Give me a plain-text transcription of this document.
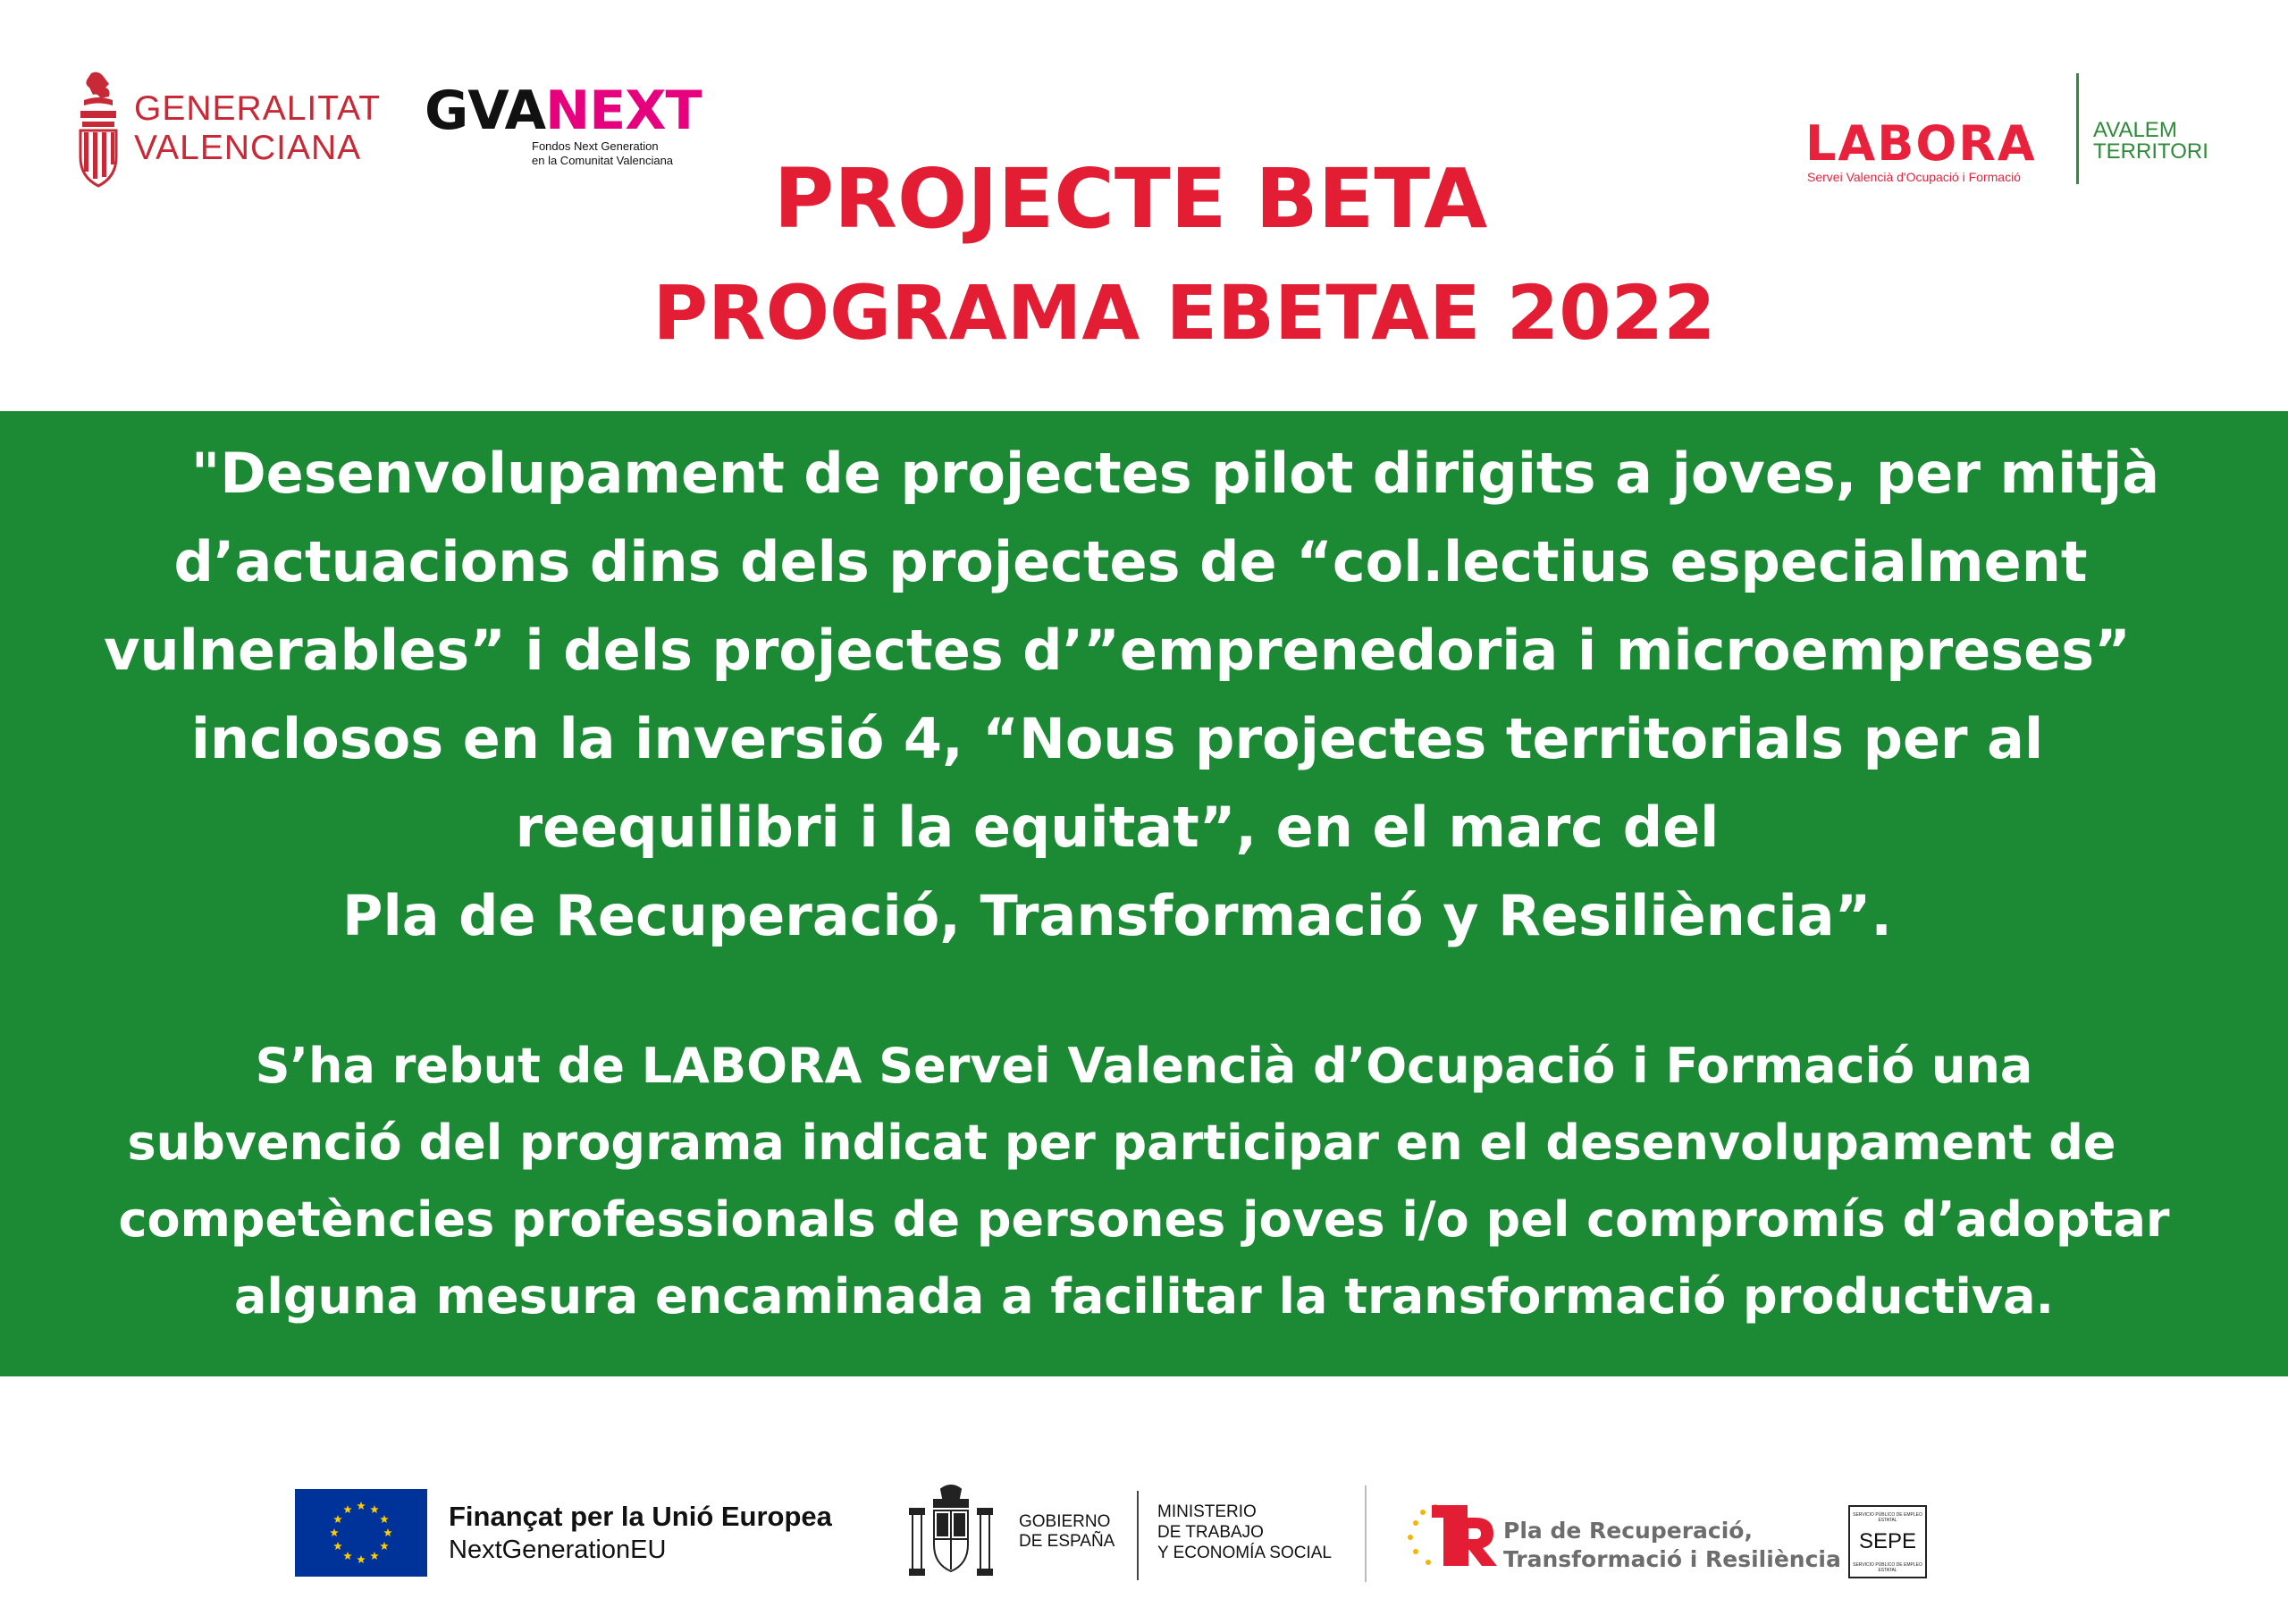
GENERALITAT
VALENCIANA
GVANEXT
Fondos Next Generation
en la Comunitat Valenciana	LABORA
Servei Valencià d'Ocupació i Formació
AVALEM
TERRITORI
PROJECTE BETA
PROGRAMA EBETAE 2022

"Desenvolupament de projectes pilot dirigits a joves, per mitjà
d’actuacions dins dels projectes de “col.lectius especialment
vulnerables” i dels projectes d’”emprenedoria i microempreses”
inclosos en la inversió 4, “Nous projectes territorials per al
reequilibri i la equitat”, en el marc del
Pla de Recuperació, Transformació y Resiliència”.

S’ha rebut de LABORA Servei Valencià d’Ocupació i Formació una
subvenció del programa indicat per participar en el desenvolupament de
competències professionals de persones joves i/o pel compromís d’adoptar
alguna mesura encaminada a facilitar la transformació productiva.

Finançat per la Unió Europea
NextGenerationEU
GOBIERNO
DE ESPAÑA
MINISTERIO
DE TRABAJO
Y ECONOMÍA SOCIAL
Pla de Recuperació,
Transformació i Resiliència
SERVICIO PÚBLICO DE EMPLEO ESTATAL
SEPE
SERVICIO PÚBLICO DE EMPLEO ESTATAL
